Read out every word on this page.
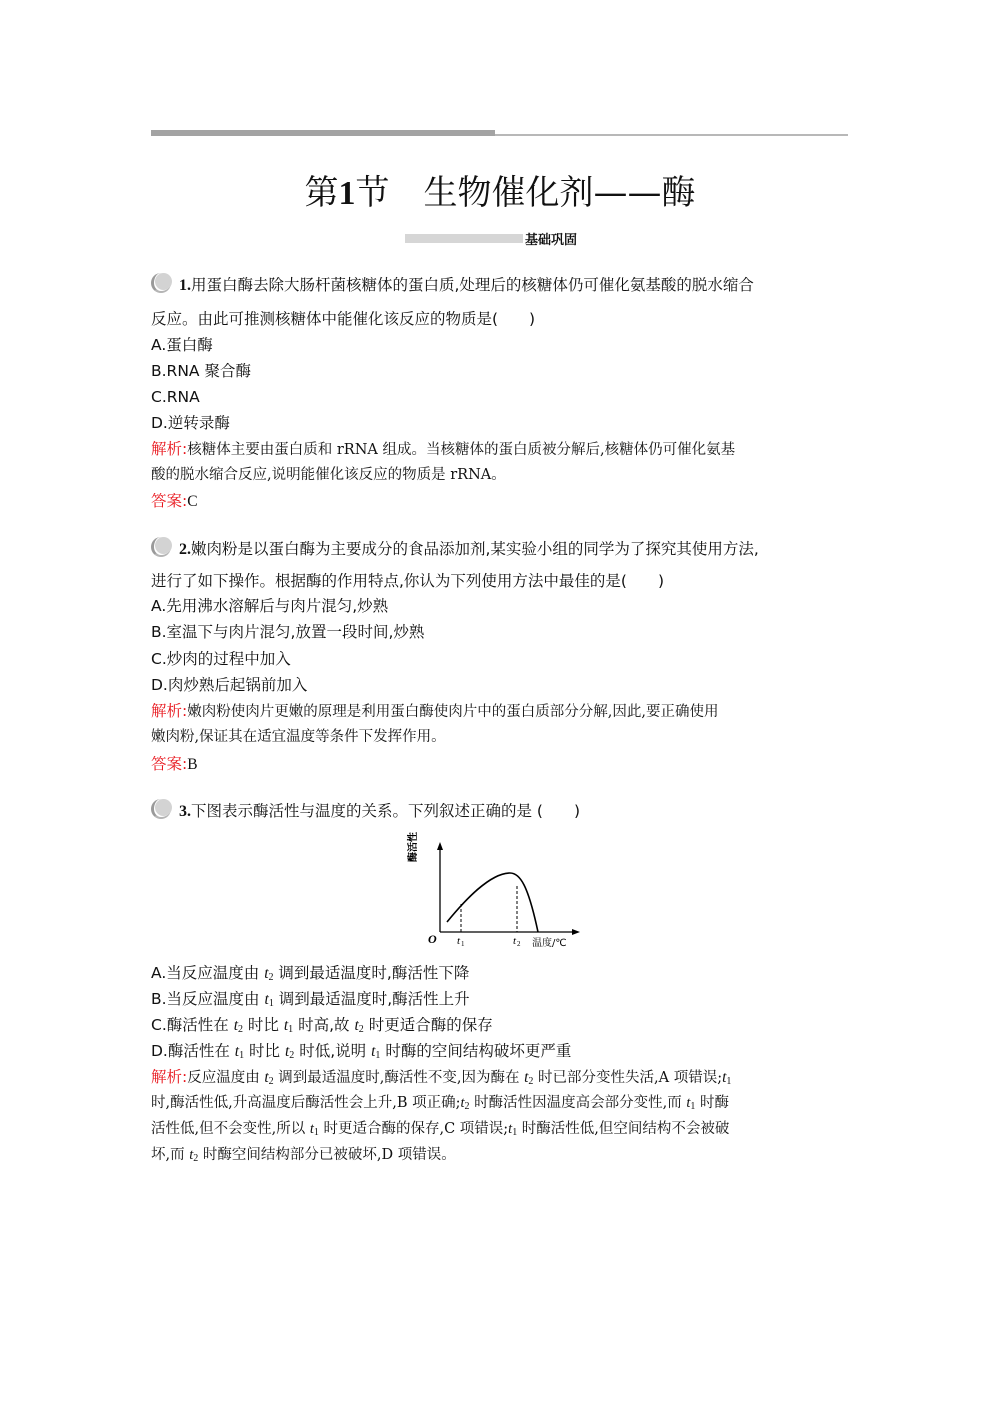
第1节　生物催化剂——酶
基础巩固
1.用蛋白酶去除大肠杆菌核糖体的蛋白质,处理后的核糖体仍可催化氨基酸的脱水缩合
反应。由此可推测核糖体中能催化该反应的物质是(　　)
A.蛋白酶
B.RNA 聚合酶
C.RNA
D.逆转录酶
解析:核糖体主要由蛋白质和 rRNA 组成。当核糖体的蛋白质被分解后,核糖体仍可催化氨基
酸的脱水缩合反应,说明能催化该反应的物质是 rRNA。
答案:C
2.嫩肉粉是以蛋白酶为主要成分的食品添加剂,某实验小组的同学为了探究其使用方法,
进行了如下操作。根据酶的作用特点,你认为下列使用方法中最佳的是(　　)
A.先用沸水溶解后与肉片混匀,炒熟
B.室温下与肉片混匀,放置一段时间,炒熟
C.炒肉的过程中加入
D.肉炒熟后起锅前加入
解析:嫩肉粉使肉片更嫩的原理是利用蛋白酶使肉片中的蛋白质部分分解,因此,要正确使用
嫩肉粉,保证其在适宜温度等条件下发挥作用。
答案:B
3.下图表示酶活性与温度的关系。下列叙述正确的是 (　　)
O t 1	t 2 温度/℃
酶活性
A.当反应温度由 $t_2$ 调到最适温度时,酶活性下降
B.当反应温度由 $t_1$ 调到最适温度时,酶活性上升
C.酶活性在 $t_2$ 时比 $t_1$ 时高,故 $t_2$ 时更适合酶的保存
D.酶活性在 $t_1$ 时比 $t_2$ 时低,说明 $t_1$ 时酶的空间结构破坏更严重
解析:反应温度由 $t_2$ 调到最适温度时,酶活性不变,因为酶在 $t_2$ 时已部分变性失活,A 项错误$;t_1$
时,酶活性低,升高温度后酶活性会上升,B 项正确$;t_2$ 时酶活性因温度高会部分变性,而 $t_1$ 时酶
活性低,但不会变性,所以 $t_1$ 时更适合酶的保存,C 项错误$;t_1$ 时酶活性低,但空间结构不会被破
坏,而 $t_2$ 时酶空间结构部分已被破坏,D 项错误。
